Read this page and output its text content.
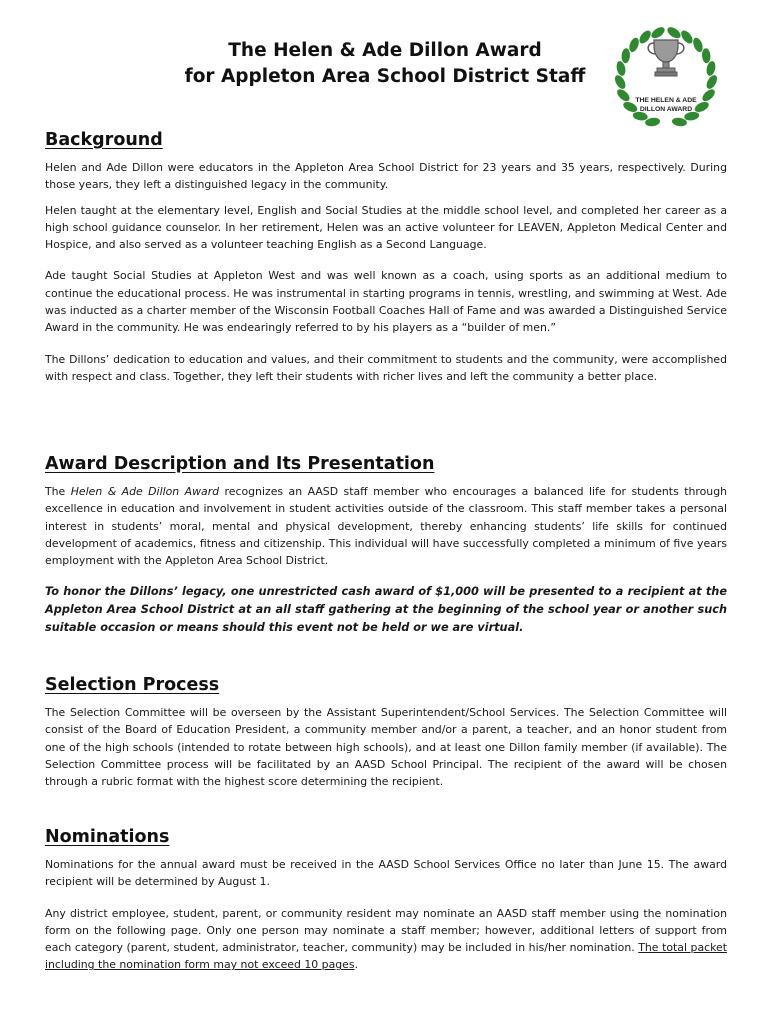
The Helen & Ade Dillon Award
for Appleton Area School District Staff
THE HELEN & ADE
DILLON AWARD
Background

Helen and Ade Dillon were educators in the Appleton Area School District for 23 years and 35 years, respectively. During those years, they left a distinguished legacy in the community.

Helen taught at the elementary level, English and Social Studies at the middle school level, and completed her career as a high school guidance counselor. In her retirement, Helen was an active volunteer for LEAVEN, Appleton Medical Center and Hospice, and also served as a volunteer teaching English as a Second Language.

Ade taught Social Studies at Appleton West and was well known as a coach, using sports as an additional medium to continue the educational process. He was instrumental in starting programs in tennis, wrestling, and swimming at West. Ade was inducted as a charter member of the Wisconsin Football Coaches Hall of Fame and was awarded a Distinguished Service Award in the community. He was endearingly referred to by his players as a “builder of men.”

The Dillons’ dedication to education and values, and their commitment to students and the community, were accomplished with respect and class. Together, they left their students with richer lives and left the community a better place.

Award Description and Its Presentation

The Helen & Ade Dillon Award recognizes an AASD staff member who encourages a balanced life for students through excellence in education and involvement in student activities outside of the classroom. This staff member takes a personal interest in students’ moral, mental and physical development, thereby enhancing students’ life skills for continued development of academics, fitness and citizenship. This individual will have successfully completed a minimum of five years employment with the Appleton Area School District.

To honor the Dillons’ legacy, one unrestricted cash award of $1,000 will be presented to a recipient at the Appleton Area School District at an all staff gathering at the beginning of the school year or another such suitable occasion or means should this event not be held or we are virtual.

Selection Process

The Selection Committee will be overseen by the Assistant Superintendent/School Services. The Selection Committee will consist of the Board of Education President, a community member and/or a parent, a teacher, and an honor student from one of the high schools (intended to rotate between high schools), and at least one Dillon family member (if available). The Selection Committee process will be facilitated by an AASD School Principal. The recipient of the award will be chosen through a rubric format with the highest score determining the recipient.

Nominations

Nominations for the annual award must be received in the AASD School Services Office no later than June 15. The award recipient will be determined by August 1.

Any district employee, student, parent, or community resident may nominate an AASD staff member using the nomination form on the following page. Only one person may nominate a staff member; however, additional letters of support from each category (parent, student, administrator, teacher, community) may be included in his/her nomination. The total packet including the nomination form may not exceed 10 pages.
